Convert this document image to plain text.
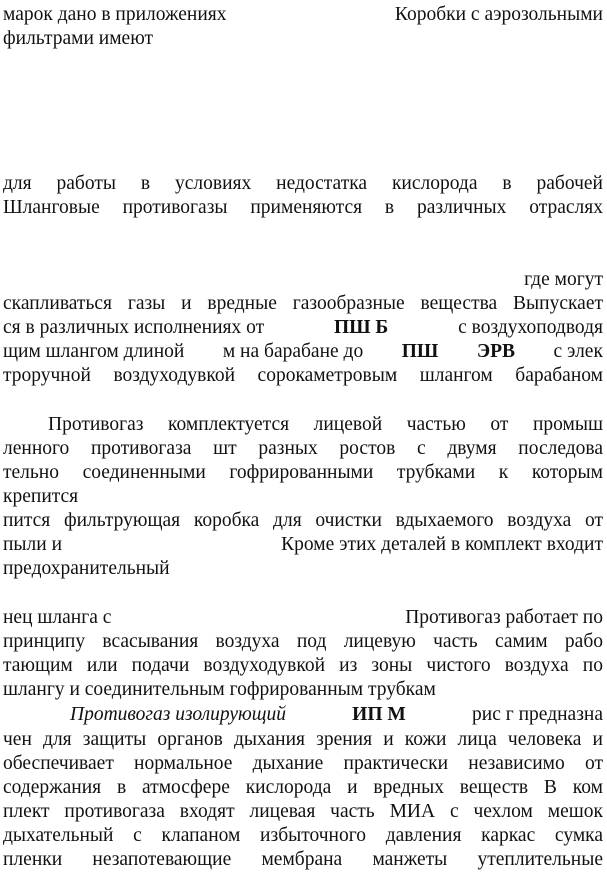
марок дано в приложениях	Коробки с аэрозольными
фильтрами имеют
для работы в условиях недостатка кислорода в рабочей
Шланговые противогазы применяются в различных отраслях
где могут
скапливаться газы и вредные газообразные вещества Выпускает
ся в различных исполнениях от	ПШ Б	с воздухоподводя
щим шлангом длиной м на барабане до ПШ ЭРВ с элек
троручной воздуходувкой сорокаметровым шлангом барабаном
Противогаз комплектуется лицевой частью от промыш
ленного противогаза шт разных ростов с двумя последова
тельно соединенными гофрированными трубками к которым
крепится
пится фильтрующая коробка для очистки вдыхаемого воздуха от
пыли и	Кроме этих деталей в комплект входит
предохранительный
нец шланга с	Противогаз работает по
принципу всасывания воздуха под лицевую часть самим рабо
тающим или подачи воздуходувкой из зоны чистого воздуха по
шлангу и соединительным гофрированным трубкам
Противогаз изолирующий	ИП М	рис г предназна
чен для защиты органов дыхания зрения и кожи лица человека и
обеспечивает нормальное дыхание практически независимо от
содержания в атмосфере кислорода и вредных веществ В ком
плект противогаза входят лицевая часть МИА с чехлом мешок
дыхательный с клапаном избыточного давления каркас сумка
пленки незапотевающие мембрана манжеты утеплительные
